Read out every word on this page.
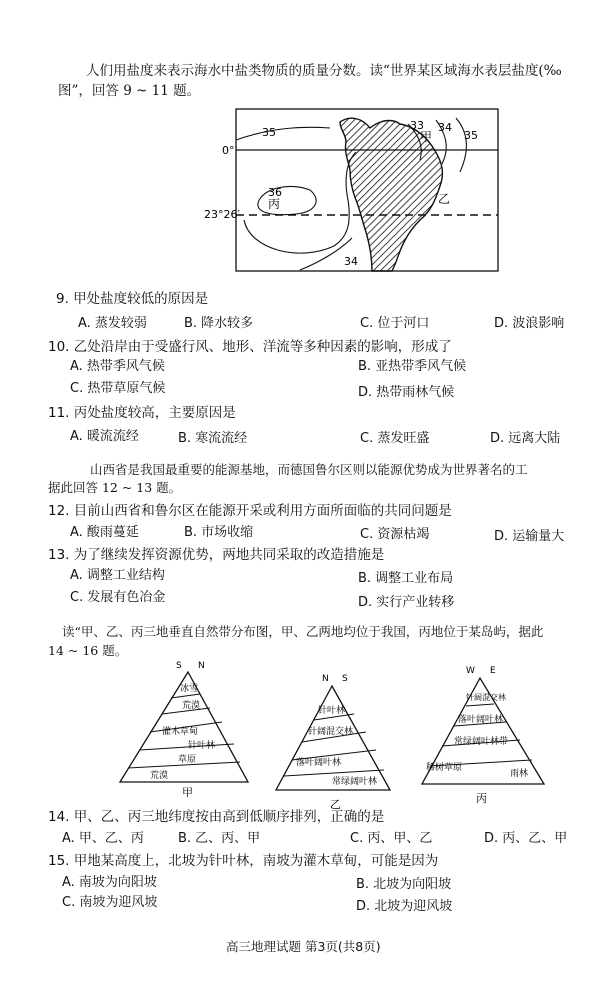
人们用盐度来表示海水中盐类物质的质量分数。读“世界某区域海水表层盐度(‰
图”，回答 9 ~ 11 题。
35
33 34
35
0°
36
丙
甲
乙
23°26′
34
9. 甲处盐度较低的原因是
A. 蒸发较弱	B. 降水较多	C. 位于河口	D. 波浪影响
10. 乙处沿岸由于受盛行风、地形、洋流等多种因素的影响，形成了
A. 热带季风气候	B. 亚热带季风气候
C. 热带草原气候	D. 热带雨林气候
11. 丙处盐度较高，主要原因是
A. 暖流流经	B. 寒流流经	C. 蒸发旺盛	D. 远离大陆
山西省是我国最重要的能源基地，而德国鲁尔区则以能源优势成为世界著名的工
据此回答 12 ~ 13 题。
12. 目前山西省和鲁尔区在能源开采或利用方面所面临的共同问题是
A. 酸雨蔓延	B. 市场收缩	C. 资源枯竭	D. 运输量大
13. 为了继续发挥资源优势，两地共同采取的改造措施是
A. 调整工业结构	B. 调整工业布局
C. 发展有色冶金	D. 实行产业转移
读“甲、乙、丙三地垂直自然带分布图，甲、乙两地均位于我国，丙地位于某岛屿，据此
14 ~ 16 题。
S N
冰雪
荒漠
灌木草甸
针叶林
草原
荒漠
甲
N S
针叶林
针阔混交林
落叶阔叶林
常绿阔叶林
乙
W E
针阔混交林
落叶阔叶林
常绿阔叶林带
稀树草原
雨林
丙
14. 甲、乙、丙三地纬度按由高到低顺序排列，正确的是
A. 甲、乙、丙	B. 乙、丙、甲	C. 丙、甲、乙	D. 丙、乙、甲
15. 甲地某高度上，北坡为针叶林，南坡为灌木草甸，可能是因为
A. 南坡为向阳坡	B. 北坡为向阳坡
C. 南坡为迎风坡	D. 北坡为迎风坡
高三地理试题 第3页(共8页)
